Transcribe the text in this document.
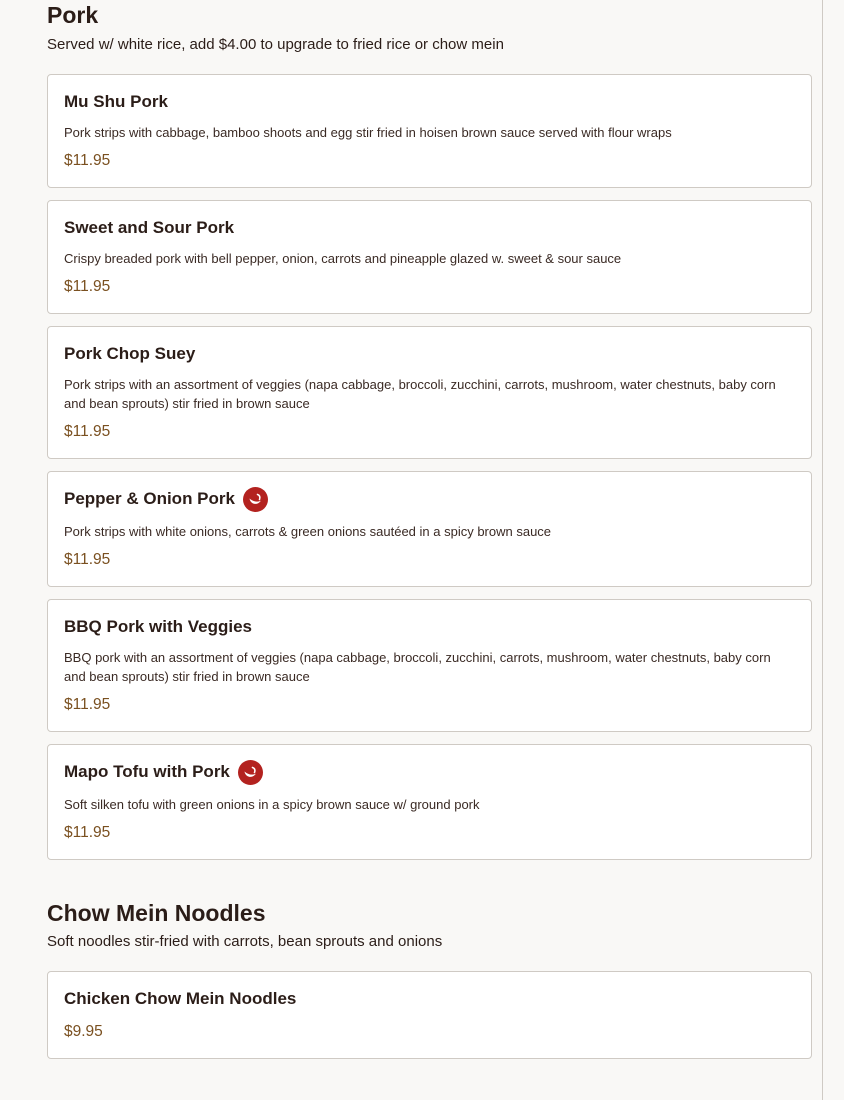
Pork

Served w/ white rice, add $4.00 to upgrade to fried rice or chow mein

Mu Shu Pork
Pork strips with cabbage, bamboo shoots and egg stir fried in hoisen brown sauce served with flour wraps
$11.95
Sweet and Sour Pork
Crispy breaded pork with bell pepper, onion, carrots and pineapple glazed w. sweet & sour sauce
$11.95
Pork Chop Suey
Pork strips with an assortment of veggies (napa cabbage, broccoli, zucchini, carrots, mushroom, water chestnuts, baby corn and bean sprouts) stir fried in brown sauce
$11.95
Pepper & Onion Pork
Pork strips with white onions, carrots & green onions sautéed in a spicy brown sauce
$11.95
BBQ Pork with Veggies
BBQ pork with an assortment of veggies (napa cabbage, broccoli, zucchini, carrots, mushroom, water chestnuts, baby corn and bean sprouts) stir fried in brown sauce
$11.95
Mapo Tofu with Pork
Soft silken tofu with green onions in a spicy brown sauce w/ ground pork
$11.95
Chow Mein Noodles

Soft noodles stir-fried with carrots, bean sprouts and onions

Chicken Chow Mein Noodles
$9.95
